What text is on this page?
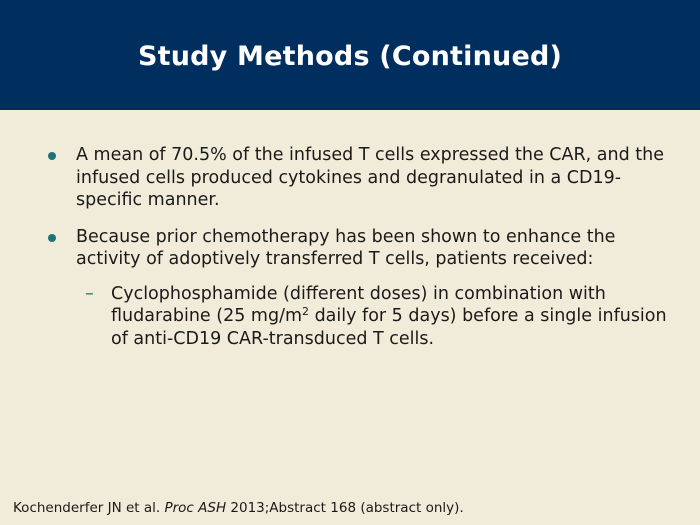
Study Methods (Continued)
A mean of 70.5% of the infused T cells expressed the CAR, and the infused cells produced cytokines and degranulated in a CD19-specific manner.
Because prior chemotherapy has been shown to enhance the activity of adoptively transferred T cells, patients received:
– Cyclophosphamide (different doses) in combination with fludarabine (25 $mg/m^2$ daily for 5 days) before a single infusion of anti-CD19 CAR-transduced T cells.
Kochenderfer JN et al. Proc ASH 2013;Abstract 168 (abstract only).
